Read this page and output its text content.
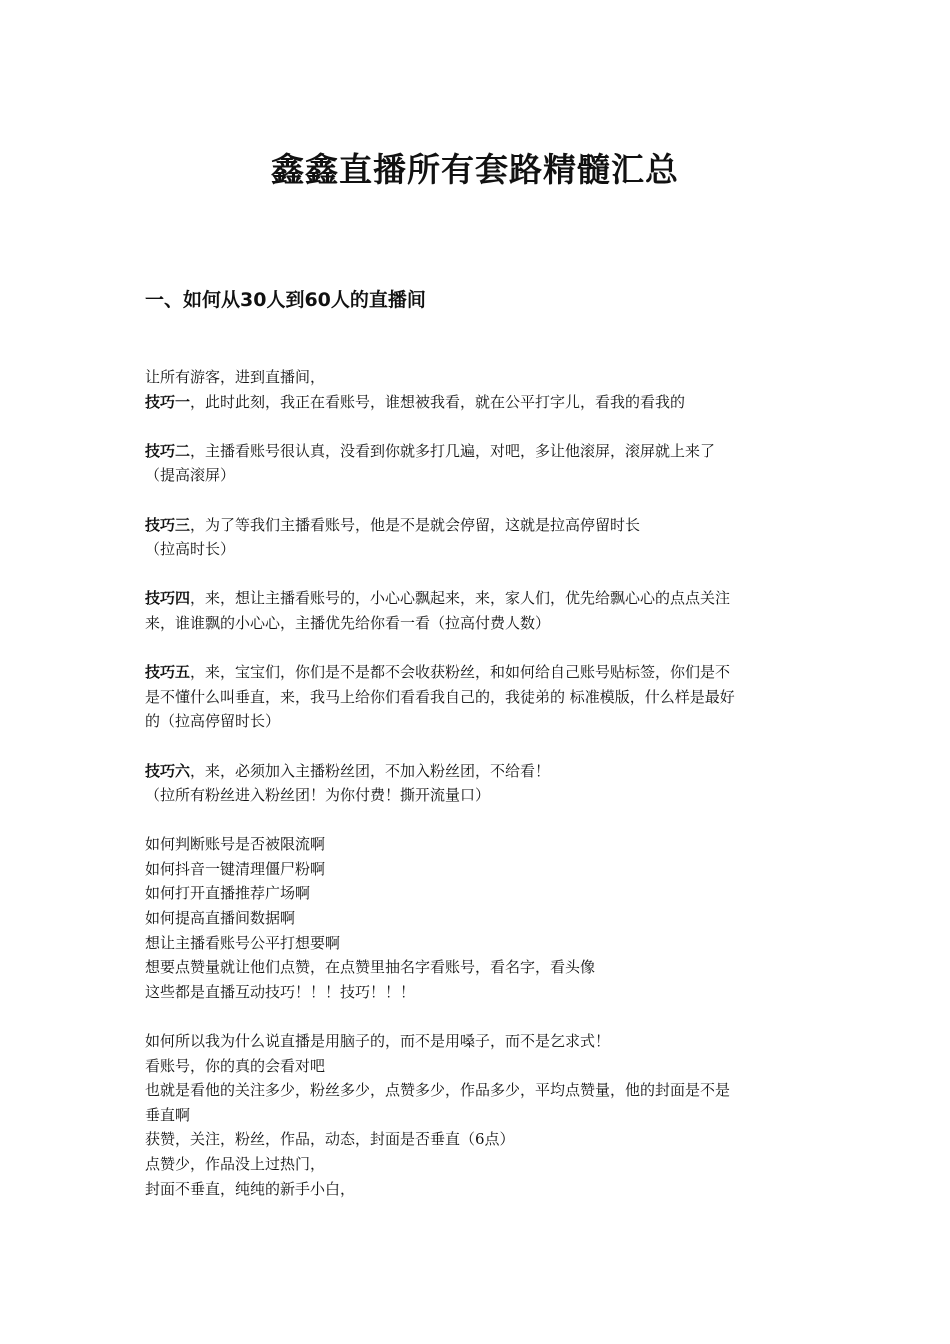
鑫鑫直播所有套路精髓汇总
一、如何从30人到60人的直播间
让所有游客，进到直播间，
技巧一，此时此刻，我正在看账号，谁想被我看，就在公平打字儿，看我的看我的
技巧二，主播看账号很认真，没看到你就多打几遍，对吧，多让他滚屏，滚屏就上来了
（提高滚屏）
技巧三，为了等我们主播看账号，他是不是就会停留，这就是拉高停留时长
（拉高时长）
技巧四，来，想让主播看账号的，小心心飘起来，来，家人们，优先给飘心心的点点关注
来，谁谁飘的小心心，主播优先给你看一看（拉高付费人数）
技巧五，来，宝宝们，你们是不是都不会收获粉丝，和如何给自己账号贴标签，你们是不
是不懂什么叫垂直，来，我马上给你们看看我自己的，我徒弟的 标准模版，什么样是最好
的（拉高停留时长）
技巧六，来，必须加入主播粉丝团，不加入粉丝团，不给看！
（拉所有粉丝进入粉丝团！为你付费！撕开流量口）
如何判断账号是否被限流啊
如何抖音一键清理僵尸粉啊
如何打开直播推荐广场啊
如何提高直播间数据啊
想让主播看账号公平打想要啊
想要点赞量就让他们点赞，在点赞里抽名字看账号，看名字，看头像
这些都是直播互动技巧！！！技巧！！！
如何所以我为什么说直播是用脑子的，而不是用嗓子，而不是乞求式！
看账号，你的真的会看对吧
也就是看他的关注多少，粉丝多少，点赞多少，作品多少，平均点赞量，他的封面是不是
垂直啊
获赞，关注，粉丝，作品，动态，封面是否垂直（6点）
点赞少，作品没上过热门，
封面不垂直，纯纯的新手小白，
